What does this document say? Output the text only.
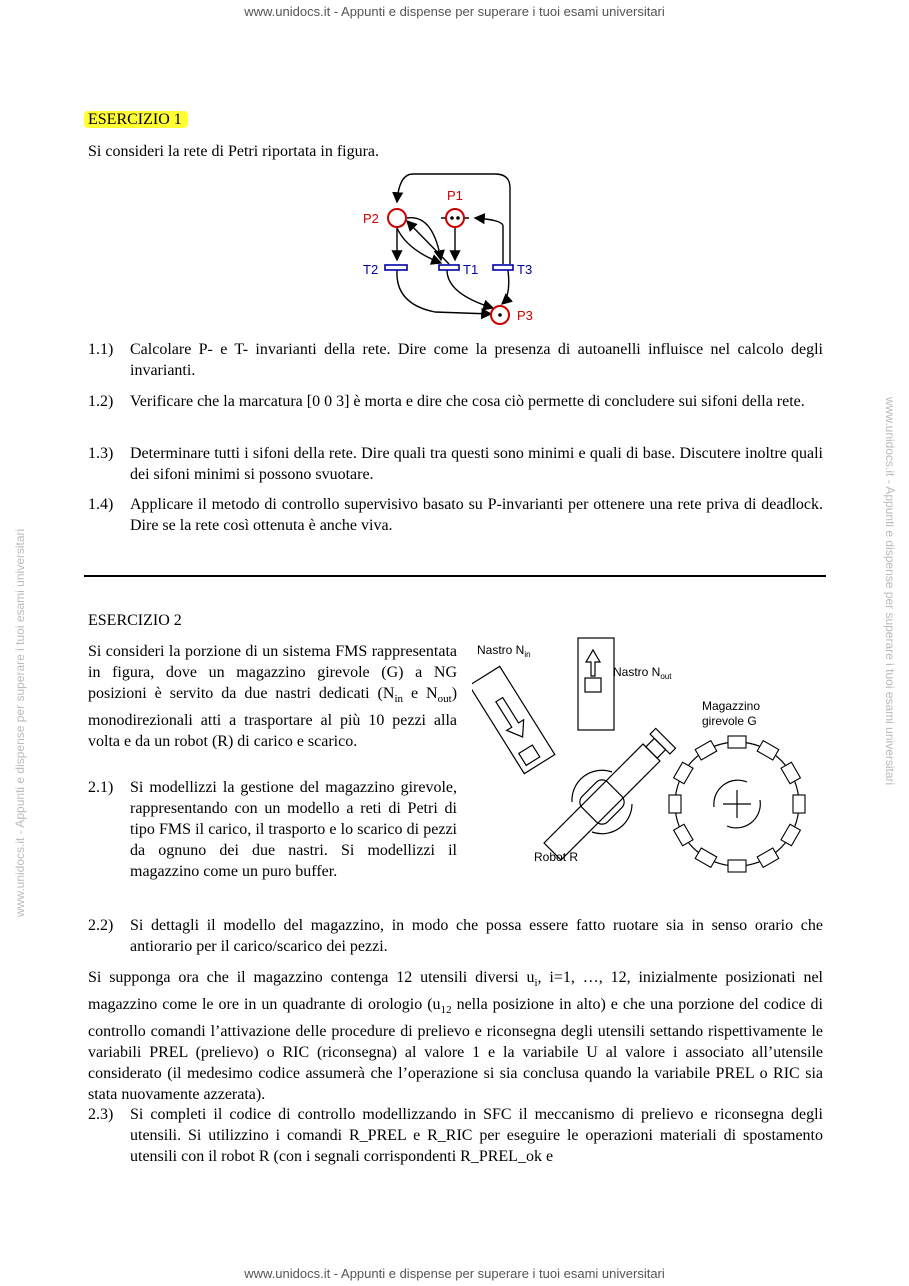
www.unidocs.it - Appunti e dispense per superare i tuoi esami universitari
www.unidocs.it - Appunti e dispense per superare i tuoi esami universitari
www.unidocs.it - Appunti e dispense per superare i tuoi esami universitari	www.unidocs.it - Appunti e dispense per superare i tuoi esami universitari
ESERCIZIO 1
Si consideri la rete di Petri riportata in figura.
P1
P2
P3
T1
T2	T3
1.1) Calcolare P- e T- invarianti della rete. Dire come la presenza di autoanelli influisce nel calcolo degli invarianti.
1.2) Verificare che la marcatura [0 0 3] è morta e dire che cosa ciò permette di concludere sui sifoni della rete.
1.3) Determinare tutti i sifoni della rete. Dire quali tra questi sono minimi e quali di base. Discutere inoltre quali dei sifoni minimi si possono svuotare.
1.4) Applicare il metodo di controllo supervisivo basato su P-invarianti per ottenere una rete priva di deadlock. Dire se la rete così ottenuta è anche viva.
ESERCIZIO 2
Si consideri la porzione di un sistema FMS rappresentata in figura, dove un magazzino girevole (G) a NG posizioni è servito da due nastri dedicati ($N_{in}$ e $N_{out}$) monodirezionali atti a trasportare al più 10 pezzi alla volta e da un robot (R) di carico e scarico.
Nastro $N_{in}$
Nastro $N_{out}$
Magazzino
girevole G
Robot R
2.1) Si modellizzi la gestione del magazzino girevole, rappresentando con un modello a reti di Petri di tipo FMS il carico, il trasporto e lo scarico di pezzi da ognuno dei due nastri. Si modellizzi il magazzino come un puro buffer.
2.2) Si dettagli il modello del magazzino, in modo che possa essere fatto ruotare sia in senso orario che antiorario per il carico/scarico dei pezzi.
Si supponga ora che il magazzino contenga 12 utensili diversi $u_i$, i=1, …, 12, inizialmente posizionati nel magazzino come le ore in un quadrante di orologio ($u_{12}$ nella posizione in alto) e che una porzione del codice di controllo comandi l’attivazione delle procedure di prelievo e riconsegna degli utensili settando rispettivamente le variabili PREL (prelievo) o RIC (riconsegna) al valore 1 e la variabile U al valore i associato all’utensile considerato (il medesimo codice assumerà che l’operazione si sia conclusa quando la variabile PREL o RIC sia stata nuovamente azzerata).
2.3) Si completi il codice di controllo modellizzando in SFC il meccanismo di prelievo e riconsegna degli utensili. Si utilizzino i comandi R_PREL e R_RIC per eseguire le operazioni materiali di spostamento utensili con il robot R (con i segnali corrispondenti R_PREL_ok e
